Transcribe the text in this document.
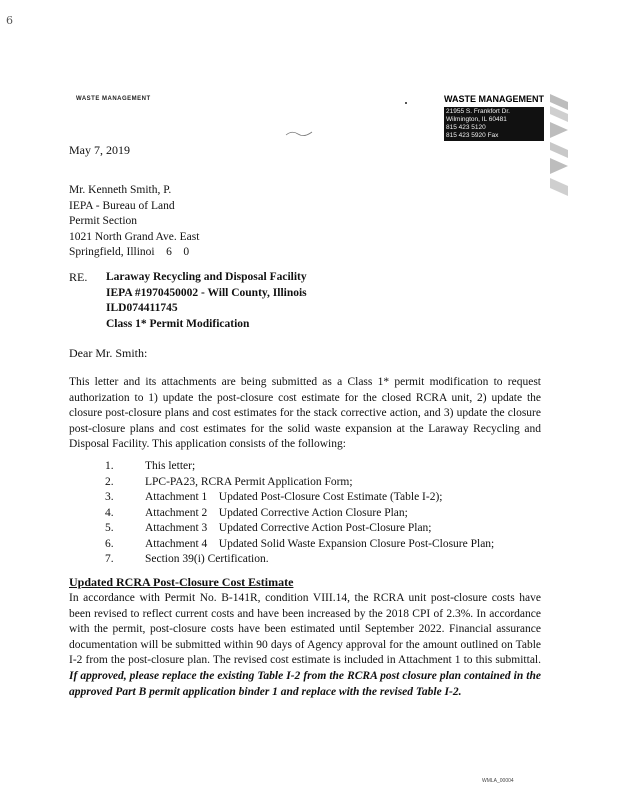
6
WASTE MANAGEMENT	WASTE MANAGEMENT
21955 S. Frankfort Dr.
Wilmington, IL 60481
815 423 5120
815 423 5920 Fax
May 7, 2019
Mr. Kenneth Smith, P.
IEPA - Bureau of Land
Permit Section
1021 North Grand Ave. East
Springfield, Illinoi    6    0
RE. Laraway Recycling and Disposal Facility
IEPA #1970450002 - Will County, Illinois
ILD074411745
Class 1* Permit Modification
Dear Mr. Smith:
This letter and its attachments are being submitted as a Class 1* permit modification to request authorization to 1) update the post-closure cost estimate for the closed RCRA unit, 2) update the closure post-closure plans and cost estimates for the stack corrective action, and 3) update the closure post-closure plans and cost estimates for the solid waste expansion at the Laraway Recycling and Disposal Facility. This application consists of the following:
1.	This letter;
2.	LPC-PA23, RCRA Permit Application Form;
3.	Attachment 1    Updated Post-Closure Cost Estimate (Table I-2);
4.	Attachment 2    Updated Corrective Action Closure Plan;
5.	Attachment 3    Updated Corrective Action Post-Closure Plan;
6.	Attachment 4    Updated Solid Waste Expansion Closure Post-Closure Plan;
7.	Section 39(i) Certification.
Updated RCRA Post-Closure Cost Estimate
In accordance with Permit No. B-141R, condition VIII.14, the RCRA unit post-closure costs have been revised to reflect current costs and have been increased by the 2018 CPI of 2.3%. In accordance with the permit, post-closure costs have been estimated until September 2022. Financial assurance documentation will be submitted within 90 days of Agency approval for the amount outlined on Table I-2 from the post-closure plan. The revised cost estimate is included in Attachment 1 to this submittal. If approved, please replace the existing Table I-2 from the RCRA post closure plan contained in the approved Part B permit application binder 1 and replace with the revised Table I-2.
WMLA_00004
